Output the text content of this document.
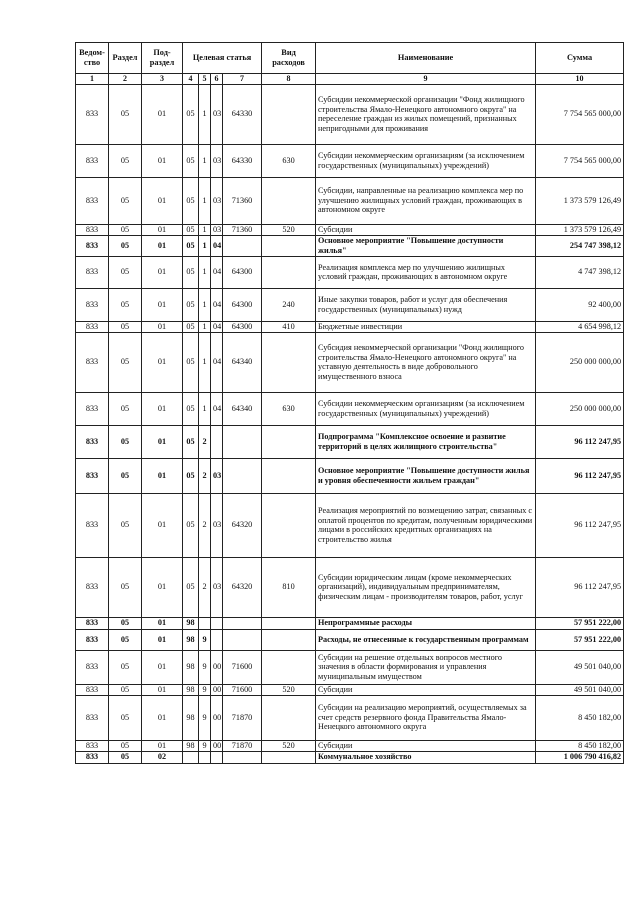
Ведом-
ство	Раздел	Под-
раздел	Целевая статья				Вид
расходов	Наименование	Сумма
1	2	3	4	5	6	7	8	9	10
833	05	01	05	1	03	64330		Субсидии некоммерческой организации "Фонд жилищного строительства Ямало-Ненецкого автономного округа" на переселение граждан из жилых помещений, признанных непригодными для проживания	7 754 565 000,00
833	05	01	05	1	03	64330	630	Субсидии некоммерческим организациям (за исключением государственных (муниципальных) учреждений)	7 754 565 000,00
833	05	01	05	1	03	71360		Субсидии, направленные на реализацию комплекса мер по улучшению жилищных условий граждан, проживающих в автономном округе	1 373 579 126,49
833	05	01	05	1	03	71360	520	Субсидии	1 373 579 126,49
833	05	01	05	1	04			Основное мероприятие "Повышение доступности жилья"	254 747 398,12
833	05	01	05	1	04	64300		Реализация комплекса мер по улучшению жилищных условий граждан, проживающих в автономном округе	4 747 398,12
833	05	01	05	1	04	64300	240	Иные закупки товаров, работ и услуг для обеспечения государственных (муниципальных) нужд	92 400,00
833	05	01	05	1	04	64300	410	Бюджетные инвестиции	4 654 998,12
833	05	01	05	1	04	64340		Субсидия некоммерческой организации "Фонд жилищного строительства Ямало-Ненецкого автономного округа" на уставную деятельность в виде добровольного имущественного взноса	250 000 000,00
833	05	01	05	1	04	64340	630	Субсидии некоммерческим организациям (за исключением государственных (муниципальных) учреждений)	250 000 000,00
833	05	01	05	2				Подпрограмма "Комплексное освоение и развитие территорий в целях жилищного строительства"	96 112 247,95
833	05	01	05	2	03			Основное мероприятие "Повышение доступности жилья и уровня обеспеченности жильем граждан"	96 112 247,95
833	05	01	05	2	03	64320		Реализация мероприятий по возмещению затрат, связанных с оплатой процентов по кредитам, полученным юридическими лицами в российских кредитных организациях на строительство жилья	96 112 247,95
833	05	01	05	2	03	64320	810	Субсидии юридическим лицам (кроме некоммерческих организаций), индивидуальным предпринимателям, физическим лицам - производителям товаров, работ, услуг	96 112 247,95
833	05	01	98					Непрограммные расходы	57 951 222,00
833	05	01	98	9				Расходы, не отнесенные к государственным программам	57 951 222,00
833	05	01	98	9	00	71600		Субсидии на решение отдельных вопросов местного значения в области формирования и управления муниципальным имуществом	49 501 040,00
833	05	01	98	9	00	71600	520	Субсидии	49 501 040,00
833	05	01	98	9	00	71870		Субсидии на реализацию мероприятий, осуществляемых за счет средств резервного фонда Правительства Ямало-Ненецкого автономного округа	8 450 182,00
833	05	01	98	9	00	71870	520	Субсидии	8 450 182,00
833	05	02						Коммунальное хозяйство	1 006 790 416,82
